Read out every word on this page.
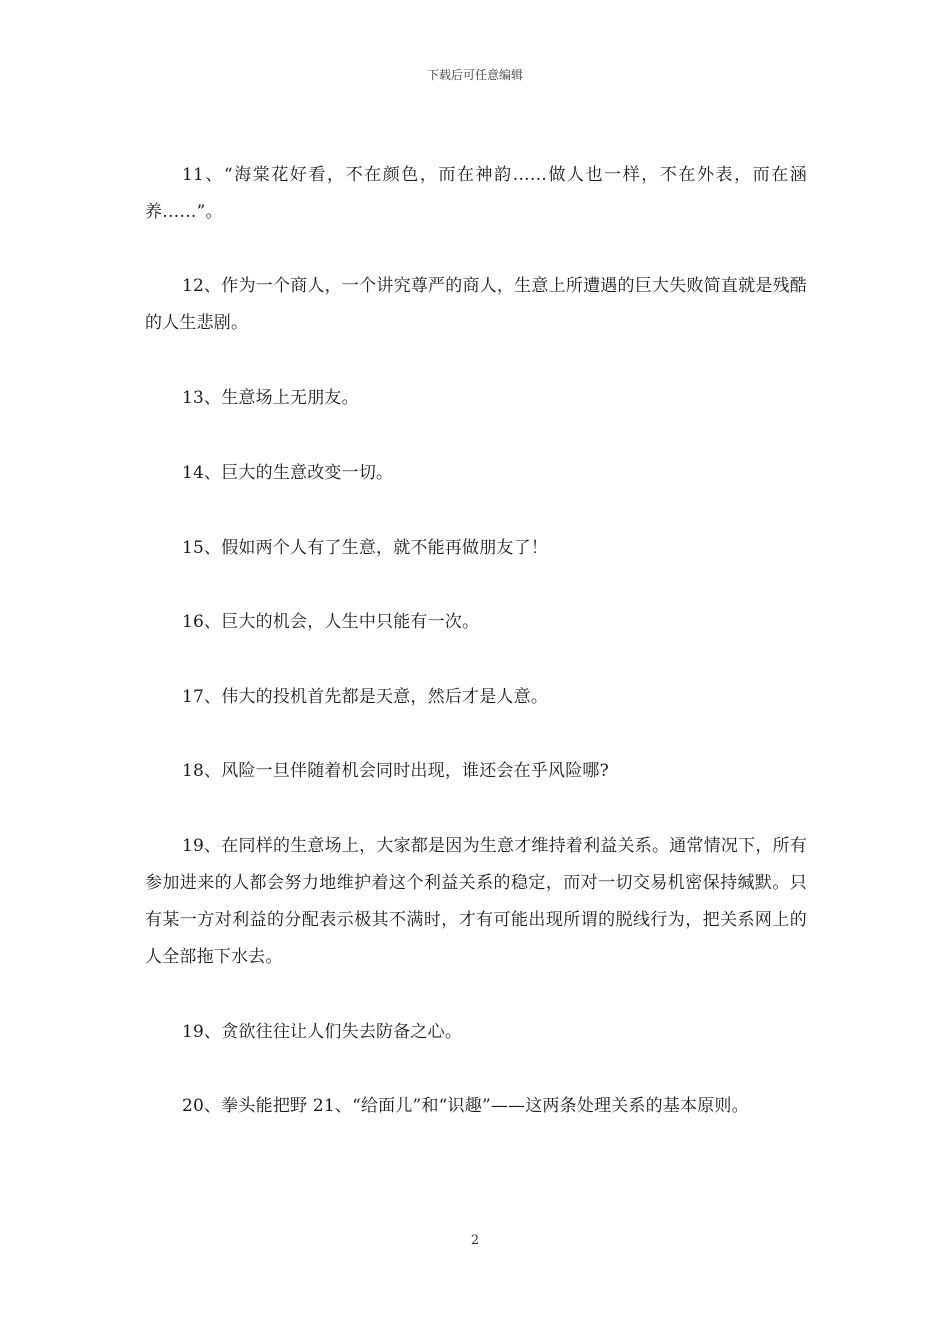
下载后可任意编辑

11、“海棠花好看，不在颜色，而在神韵……做人也一样，不在外表，而在涵养……”。

12、作为一个商人，一个讲究尊严的商人，生意上所遭遇的巨大失败简直就是残酷的人生悲剧。

13、生意场上无朋友。

14、巨大的生意改变一切。

15、假如两个人有了生意，就不能再做朋友了！

16、巨大的机会，人生中只能有一次。

17、伟大的投机首先都是天意，然后才是人意。

18、风险一旦伴随着机会同时出现，谁还会在乎风险哪?

19、在同样的生意场上，大家都是因为生意才维持着利益关系。通常情况下，所有参加进来的人都会努力地维护着这个利益关系的稳定，而对一切交易机密保持缄默。只有某一方对利益的分配表示极其不满时，才有可能出现所谓的脱线行为，把关系网上的人全部拖下水去。

19、贪欲往往让人们失去防备之心。

20、拳头能把野 21、“给面儿”和“识趣”——这两条处理关系的基本原则。

2
